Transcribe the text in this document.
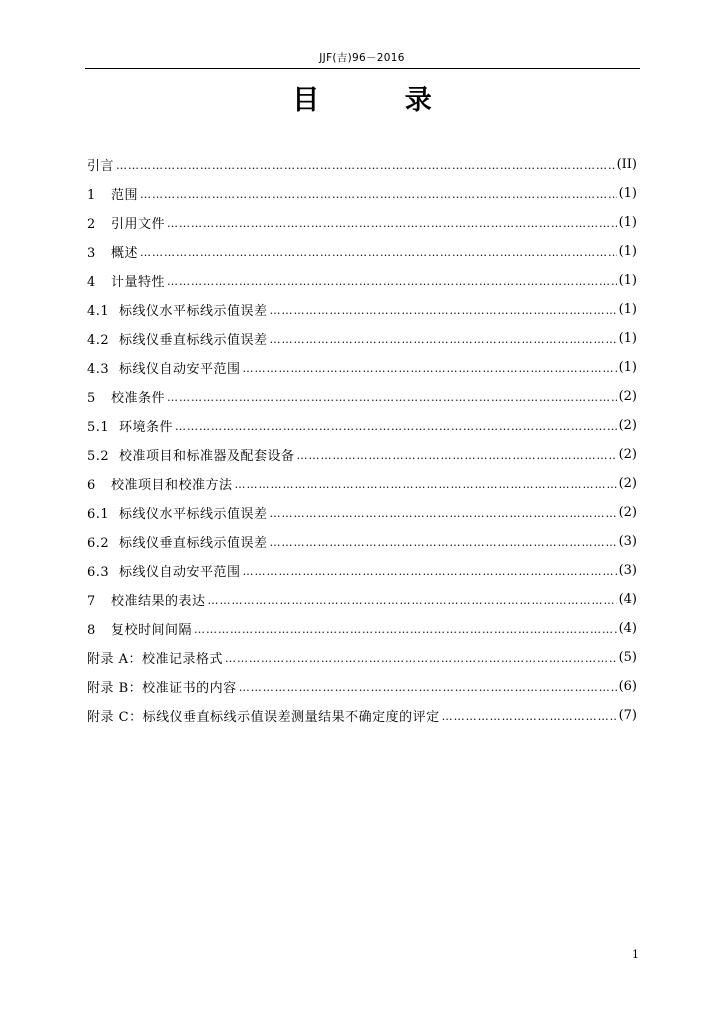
JJF(吉)96－2016
目 录
引言 ……………………………………………………………………………………………………………………………………………………………………	(II)
1 范围 ……………………………………………………………………………………………………………………………………………………………………	(1)
2 引用文件 ……………………………………………………………………………………………………………………………………………………………………	(1)
3 概述 ……………………………………………………………………………………………………………………………………………………………………	(1)
4 计量特性 ……………………………………………………………………………………………………………………………………………………………………	(1)
4.1 标线仪水平标线示值误差 ……………………………………………………………………………………………………………………………………………………………………	(1)
4.2 标线仪垂直标线示值误差 ……………………………………………………………………………………………………………………………………………………………………	(1)
4.3 标线仪自动安平范围 ……………………………………………………………………………………………………………………………………………………………………	(1)
5 校准条件 ……………………………………………………………………………………………………………………………………………………………………	(2)
5.1 环境条件 ……………………………………………………………………………………………………………………………………………………………………	(2)
5.2 校准项目和标准器及配套设备 ……………………………………………………………………………………………………………………………………………………………………	(2)
6 校准项目和校准方法 ……………………………………………………………………………………………………………………………………………………………………	(2)
6.1 标线仪水平标线示值误差 ……………………………………………………………………………………………………………………………………………………………………	(2)
6.2 标线仪垂直标线示值误差 ……………………………………………………………………………………………………………………………………………………………………	(3)
6.3 标线仪自动安平范围 ……………………………………………………………………………………………………………………………………………………………………	(3)
7 校准结果的表达 ……………………………………………………………………………………………………………………………………………………………………	(4)
8 复校时间间隔 ……………………………………………………………………………………………………………………………………………………………………	(4)
附录 A：校准记录格式 ……………………………………………………………………………………………………………………………………………………………………	(5)
附录 B：校准证书的内容 ……………………………………………………………………………………………………………………………………………………………………	(6)
附录 C：标线仪垂直标线示值误差测量结果不确定度的评定 ……………………………………………………………………………………………………………………………………………………………………	(7)
1
